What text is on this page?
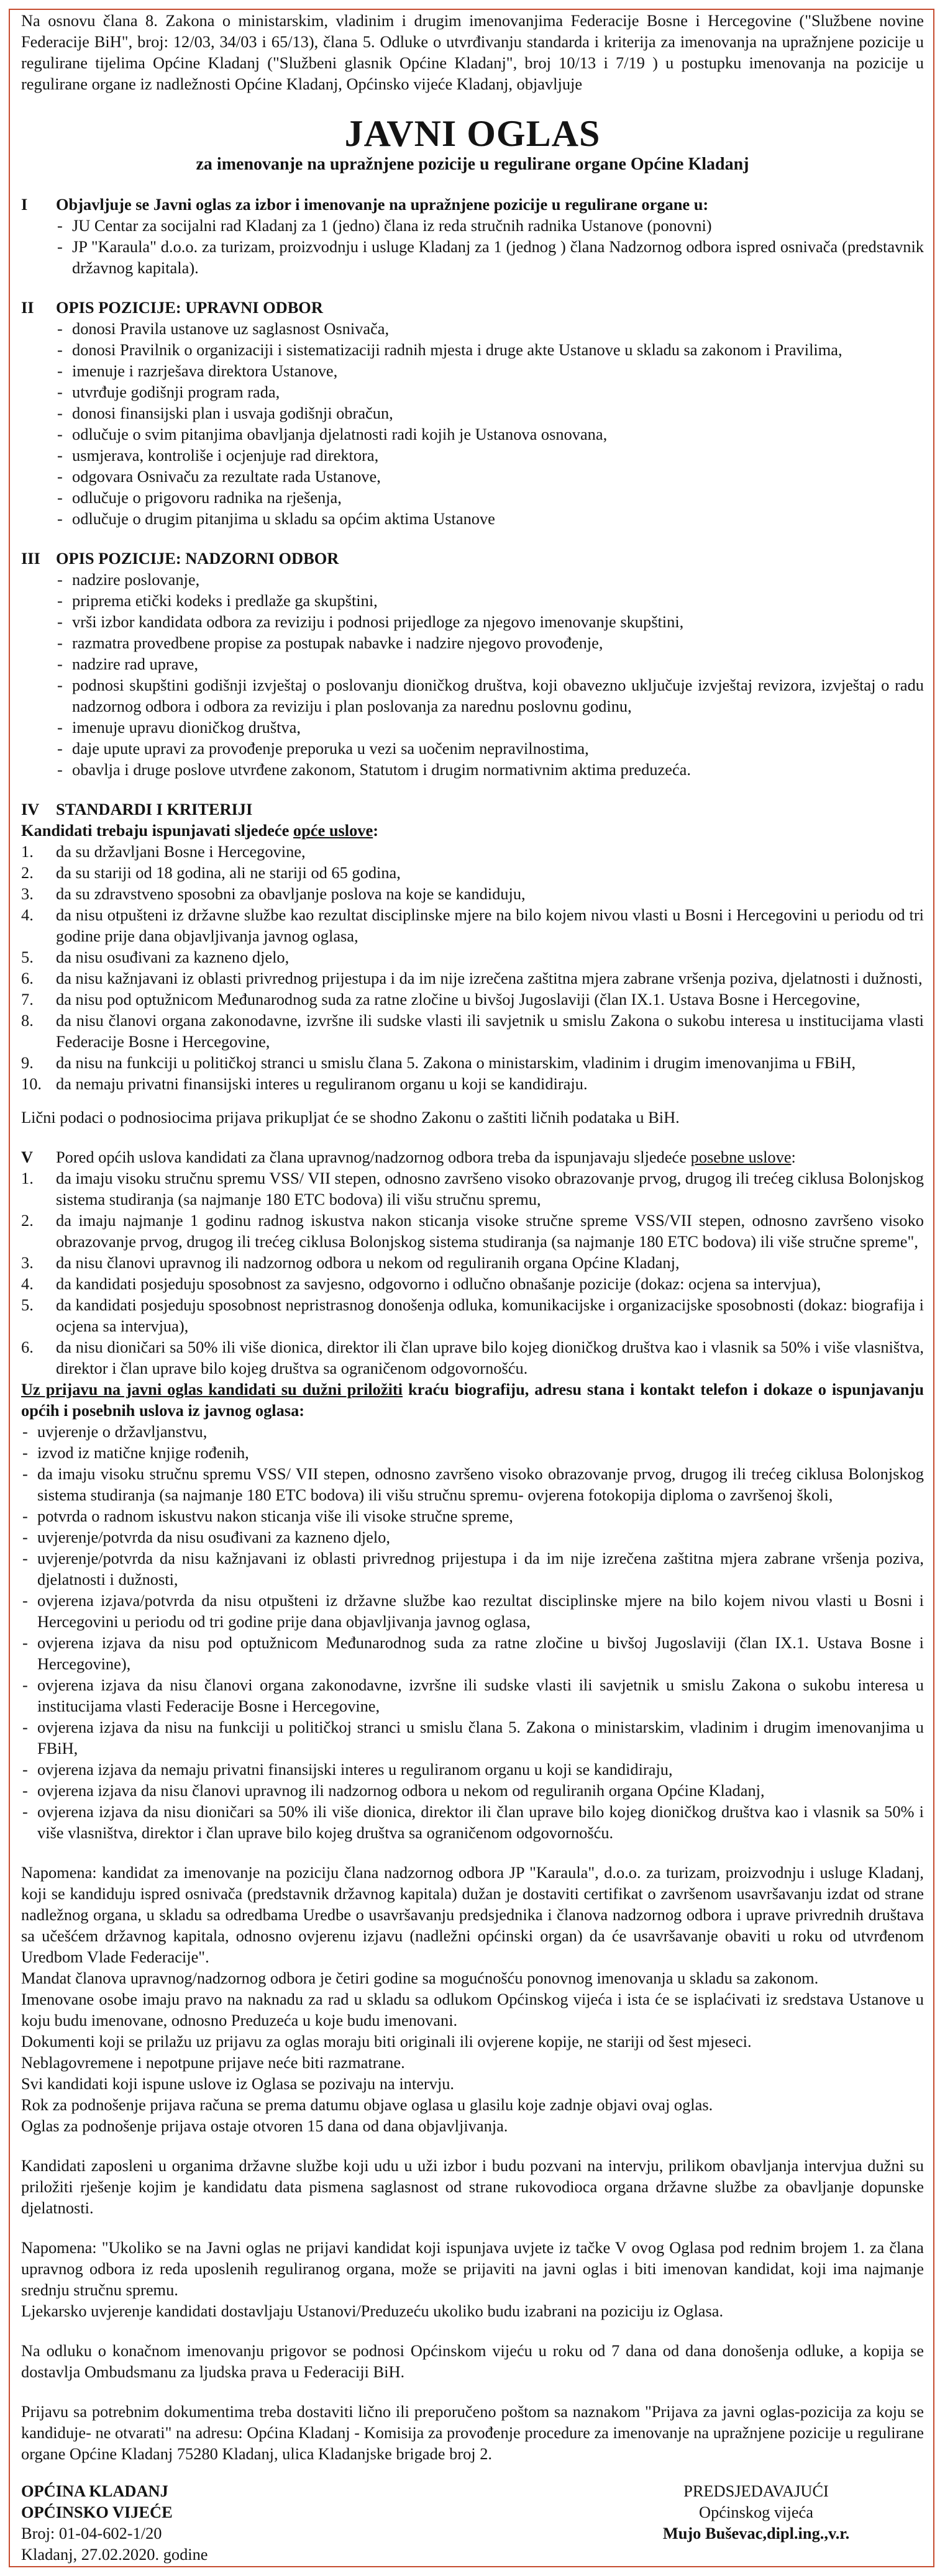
Na osnovu člana 8. Zakona o ministarskim, vladinim i drugim imenovanjima Federacije Bosne i Hercegovine ("Službene novine Federacije BiH", broj: 12/03, 34/03 i 65/13), člana 5. Odluke o utvrđivanju standarda i kriterija za imenovanja na upražnjene pozicije u regulirane tijelima Općine Kladanj ("Službeni glasnik Općine Kladanj", broj 10/13 i 7/19 ) u postupku imenovanja na pozicije u regulirane organe iz nadležnosti Općine Kladanj, Općinsko vijeće Kladanj, objavljuje

JAVNI OGLAS

za imenovanje na upražnjene pozicije u regulirane organe Općine Kladanj

I	Objavljuje se Javni oglas za izbor i imenovanje na upražnjene pozicije u regulirane organe u:

- JU Centar za socijalni rad Kladanj za 1 (jedno) člana iz reda stručnih radnika Ustanove (ponovni)
- JP "Karaula" d.o.o. za turizam, proizvodnju i usluge Kladanj za 1 (jednog ) člana Nadzornog odbora ispred osnivača (predstavnik državnog kapitala).
II	OPIS POZICIJE: UPRAVNI ODBOR

- donosi Pravila ustanove uz saglasnost Osnivača,
- donosi Pravilnik o organizaciji i sistematizaciji radnih mjesta i druge akte Ustanove u skladu sa zakonom i Pravilima,
- imenuje i razrješava direktora Ustanove,
- utvrđuje godišnji program rada,
- donosi finansijski plan i usvaja godišnji obračun,
- odlučuje o svim pitanjima obavljanja djelatnosti radi kojih je Ustanova osnovana,
- usmjerava, kontroliše i ocjenjuje rad direktora,
- odgovara Osnivaču za rezultate rada Ustanove,
- odlučuje o prigovoru radnika na rješenja,
- odlučuje o drugim pitanjima u skladu sa općim aktima Ustanove
III OPIS POZICIJE: NADZORNI ODBOR

- nadzire poslovanje,
- priprema etički kodeks i predlaže ga skupštini,
- vrši izbor kandidata odbora za reviziju i podnosi prijedloge za njegovo imenovanje skupštini,
- razmatra provedbene propise za postupak nabavke i nadzire njegovo provođenje,
- nadzire rad uprave,
- podnosi skupštini godišnji izvještaj o poslovanju dioničkog društva, koji obavezno uključuje izvještaj revizora, izvještaj o radu nadzornog odbora i odbora za reviziju i plan poslovanja za narednu poslovnu godinu,
- imenuje upravu dioničkog društva,
- daje upute upravi za provođenje preporuka u vezi sa uočenim nepravilnostima,
- obavlja i druge poslove utvrđene zakonom, Statutom i drugim normativnim aktima preduzeća.
IV	STANDARDI I KRITERIJI

Kandidati trebaju ispunjavati sljedeće opće uslove:

1.	da su državljani Bosne i Hercegovine,
2.	da su stariji od 18 godina, ali ne stariji od 65 godina,
3.	da su zdravstveno sposobni za obavljanje poslova na koje se kandiduju,
4.	da nisu otpušteni iz državne službe kao rezultat disciplinske mjere na bilo kojem nivou vlasti u Bosni i Hercegovini u periodu od tri godine prije dana objavljivanja javnog oglasa,
5.	da nisu osuđivani za kazneno djelo,
6.	da nisu kažnjavani iz oblasti privrednog prijestupa i da im nije izrečena zaštitna mjera zabrane vršenja poziva, djelatnosti i dužnosti,
7.	da nisu pod optužnicom Međunarodnog suda za ratne zločine u bivšoj Jugoslaviji (član IX.1. Ustava Bosne i Hercegovine,
8.	da nisu članovi organa zakonodavne, izvršne ili sudske vlasti ili savjetnik u smislu Zakona o sukobu interesa u institucijama vlasti Federacije Bosne i Hercegovine,
9.	da nisu na funkciji u političkoj stranci u smislu člana 5. Zakona o ministarskim, vladinim i drugim imenovanjima u FBiH,
10. da nemaju privatni finansijski interes u reguliranom organu u koji se kandidiraju.

Lični podaci o podnosiocima prijava prikupljat će se shodno Zakonu o zaštiti ličnih podataka u BiH.

V	Pored općih uslova kandidati za člana upravnog/nadzornog odbora treba da ispunjavaju sljedeće posebne uslove:

1.	da imaju visoku stručnu spremu VSS/ VII stepen, odnosno završeno visoko obrazovanje prvog, drugog ili trećeg ciklusa Bolonjskog sistema studiranja (sa najmanje 180 ETC bodova) ili višu stručnu spremu,
2.	da imaju najmanje 1 godinu radnog iskustva nakon sticanja visoke stručne spreme VSS/VII stepen, odnosno završeno visoko obrazovanje prvog, drugog ili trećeg ciklusa Bolonjskog sistema studiranja (sa najmanje 180 ETC bodova) ili više stručne spreme",
3.	da nisu članovi upravnog ili nadzornog odbora u nekom od reguliranih organa Općine Kladanj,
4.	da kandidati posjeduju sposobnost za savjesno, odgovorno i odlučno obnašanje pozicije (dokaz: ocjena sa intervjua),
5.	da kandidati posjeduju sposobnost nepristrasnog donošenja odluka, komunikacijske i organizacijske sposobnosti (dokaz: biografija i ocjena sa intervjua),
6.	da nisu dioničari sa 50% ili više dionica, direktor ili član uprave bilo kojeg dioničkog društva kao i vlasnik sa 50% i više vlasništva, direktor i član uprave bilo kojeg društva sa ograničenom odgovornošću.

Uz prijavu na javni oglas kandidati su dužni priložiti kraću biografiju, adresu stana i kontakt telefon i dokaze o ispunjavanju općih i posebnih uslova iz javnog oglasa:

- uvjerenje o državljanstvu,
- izvod iz matične knjige rođenih,
- da imaju visoku stručnu spremu VSS/ VII stepen, odnosno završeno visoko obrazovanje prvog, drugog ili trećeg ciklusa Bolonjskog sistema studiranja (sa najmanje 180 ETC bodova) ili višu stručnu spremu- ovjerena fotokopija diploma o završenoj školi,
- potvrda o radnom iskustvu nakon sticanja više ili visoke stručne spreme,
- uvjerenje/potvrda da nisu osuđivani za kazneno djelo,
- uvjerenje/potvrda da nisu kažnjavani iz oblasti privrednog prijestupa i da im nije izrečena zaštitna mjera zabrane vršenja poziva, djelatnosti i dužnosti,
- ovjerena izjava/potvrda da nisu otpušteni iz državne službe kao rezultat disciplinske mjere na bilo kojem nivou vlasti u Bosni i Hercegovini u periodu od tri godine prije dana objavljivanja javnog oglasa,
- ovjerena izjava da nisu pod optužnicom Međunarodnog suda za ratne zločine u bivšoj Jugoslaviji (član IX.1. Ustava Bosne i Hercegovine),
- ovjerena izjava da nisu članovi organa zakonodavne, izvršne ili sudske vlasti ili savjetnik u smislu Zakona o sukobu interesa u institucijama vlasti Federacije Bosne i Hercegovine,
- ovjerena izjava da nisu na funkciji u političkoj stranci u smislu člana 5. Zakona o ministarskim, vladinim i drugim imenovanjima u FBiH,
- ovjerena izjava da nemaju privatni finansijski interes u reguliranom organu u koji se kandidiraju,
- ovjerena izjava da nisu članovi upravnog ili nadzornog odbora u nekom od reguliranih organa Općine Kladanj,
- ovjerena izjava da nisu dioničari sa 50% ili više dionica, direktor ili član uprave bilo kojeg dioničkog društva kao i vlasnik sa 50% i više vlasništva, direktor i član uprave bilo kojeg društva sa ograničenom odgovornošću.

Napomena: kandidat za imenovanje na poziciju člana nadzornog odbora JP "Karaula", d.o.o. za turizam, proizvodnju i usluge Kladanj, koji se kandiduju ispred osnivača (predstavnik državnog kapitala) dužan je dostaviti certifikat o završenom usavršavanju izdat od strane nadležnog organa, u skladu sa odredbama Uredbe o usavršavanju predsjednika i članova nadzornog odbora i uprave privrednih društava sa učešćem državnog kapitala, odnosno ovjerenu izjavu (nadležni općinski organ) da će usavršavanje obaviti u roku od utvrđenom Uredbom Vlade Federacije".

Mandat članova upravnog/nadzornog odbora je četiri godine sa mogućnošću ponovnog imenovanja u skladu sa zakonom.

Imenovane osobe imaju pravo na naknadu za rad u skladu sa odlukom Općinskog vijeća i ista će se isplaćivati iz sredstava Ustanove u koju budu imenovane, odnosno Preduzeća u koje budu imenovani.

Dokumenti koji se prilažu uz prijavu za oglas moraju biti originali ili ovjerene kopije, ne stariji od šest mjeseci.

Neblagovremene i nepotpune prijave neće biti razmatrane.

Svi kandidati koji ispune uslove iz Oglasa se pozivaju na intervju.

Rok za podnošenje prijava računa se prema datumu objave oglasa u glasilu koje zadnje objavi ovaj oglas.

Oglas za podnošenje prijava ostaje otvoren 15 dana od dana objavljivanja.

Kandidati zaposleni u organima državne službe koji udu u uži izbor i budu pozvani na intervju, prilikom obavljanja intervjua dužni su priložiti rješenje kojim je kandidatu data pismena saglasnost od strane rukovodioca organa državne službe za obavljanje dopunske djelatnosti.

Napomena: "Ukoliko se na Javni oglas ne prijavi kandidat koji ispunjava uvjete iz tačke V ovog Oglasa pod rednim brojem 1. za člana upravnog odbora iz reda uposlenih reguliranog organa, može se prijaviti na javni oglas i biti imenovan kandidat, koji ima najmanje srednju stručnu spremu.

Ljekarsko uvjerenje kandidati dostavljaju Ustanovi/Preduzeću ukoliko budu izabrani na poziciju iz Oglasa.

Na odluku o konačnom imenovanju prigovor se podnosi Općinskom vijeću u roku od 7 dana od dana donošenja odluke, a kopija se dostavlja Ombudsmanu za ljudska prava u Federaciji BiH.

Prijavu sa potrebnim dokumentima treba dostaviti lično ili preporučeno poštom sa naznakom "Prijava za javni oglas-pozicija za koju se kandiduje- ne otvarati" na adresu: Općina Kladanj - Komisija za provođenje procedure za imenovanje na upražnjene pozicije u regulirane organe Općine Kladanj 75280 Kladanj, ulica Kladanjske brigade broj 2.

OPĆINA KLADANJ

OPĆINSKO VIJEĆE

Broj: 01-04-602-1/20

Kladanj, 27.02.2020. godine

PREDSJEDAVAJUĆI

Općinskog vijeća

Mujo Buševac,dipl.ing.,v.r.
